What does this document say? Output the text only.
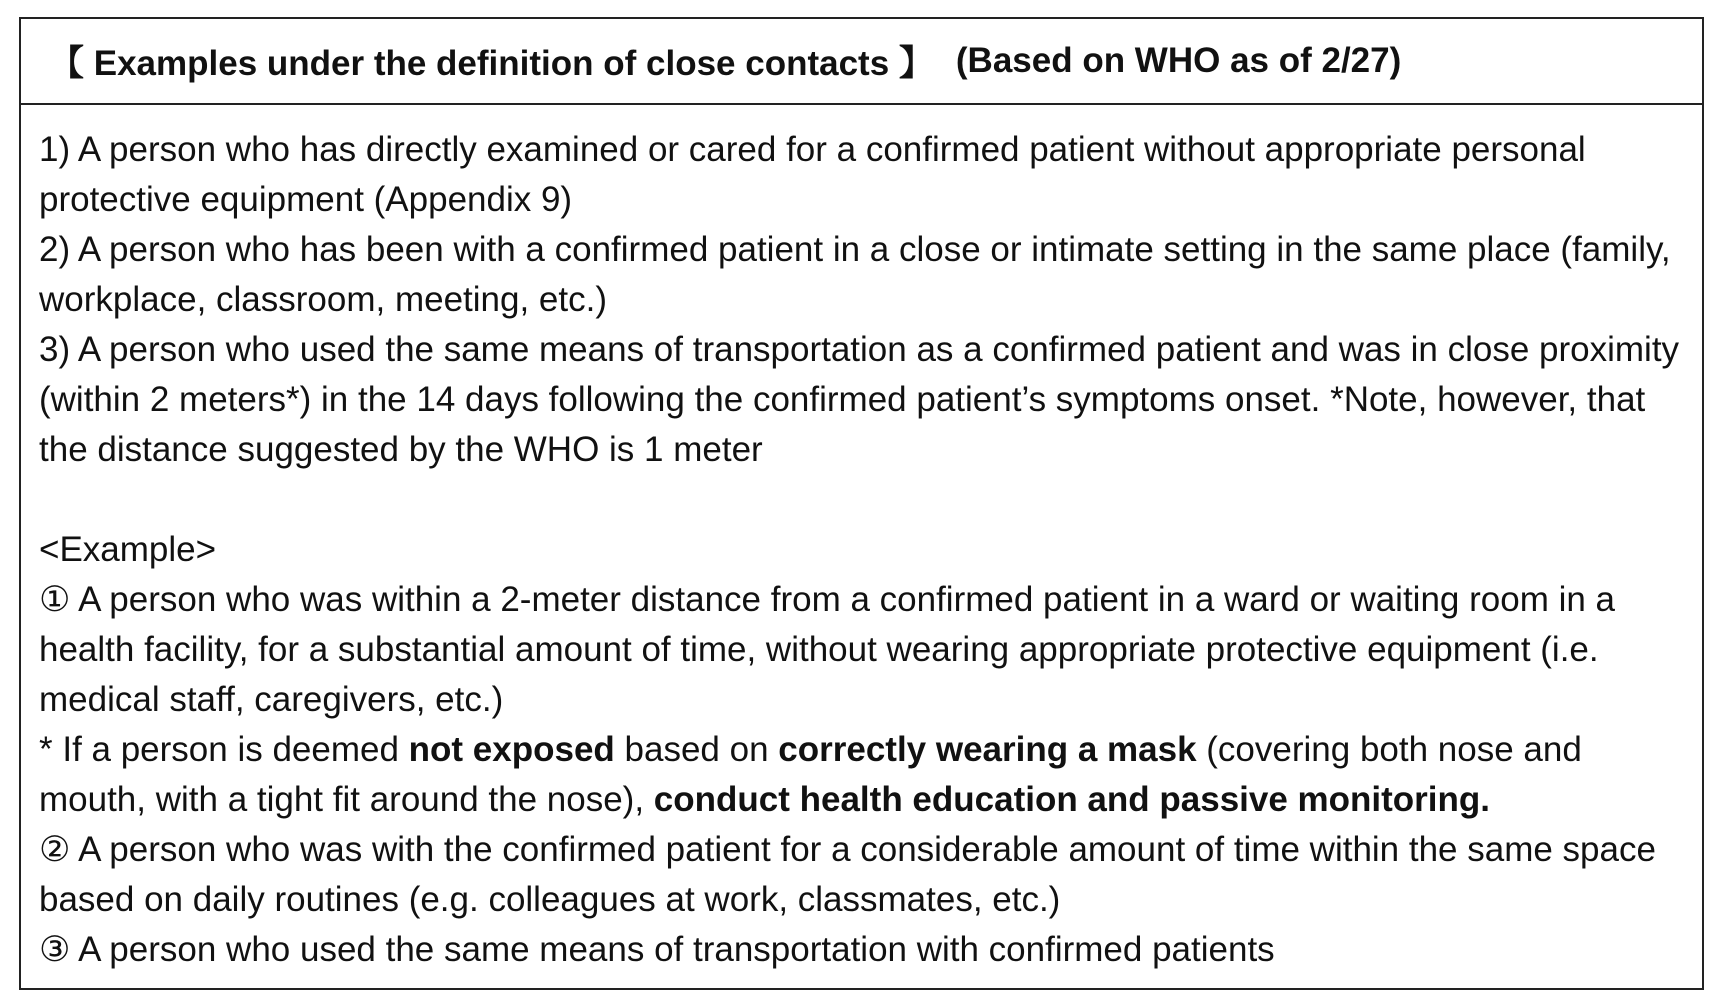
【 Examples under the definition of close contacts 】 (Based on WHO as of 2/27)

1) A person who has directly examined or cared for a confirmed patient without appropriate personal protective equipment (Appendix 9)

2) A person who has been with a confirmed patient in a close or intimate setting in the same place (family, workplace, classroom, meeting, etc.)

3) A person who used the same means of transportation as a confirmed patient and was in close proximity (within 2 meters*) in the 14 days following the confirmed patient’s symptoms onset. *Note, however, that the distance suggested by the WHO is 1 meter

<Example>

① A person who was within a 2-meter distance from a confirmed patient in a ward or waiting room in a health facility, for a substantial amount of time, without wearing appropriate protective equipment (i.e. medical staff, caregivers, etc.)

* If a person is deemed not exposed based on correctly wearing a mask (covering both nose and mouth, with a tight fit around the nose), conduct health education and passive monitoring.

② A person who was with the confirmed patient for a considerable amount of time within the same space based on daily routines (e.g. colleagues at work, classmates, etc.)

③ A person who used the same means of transportation with confirmed patients
